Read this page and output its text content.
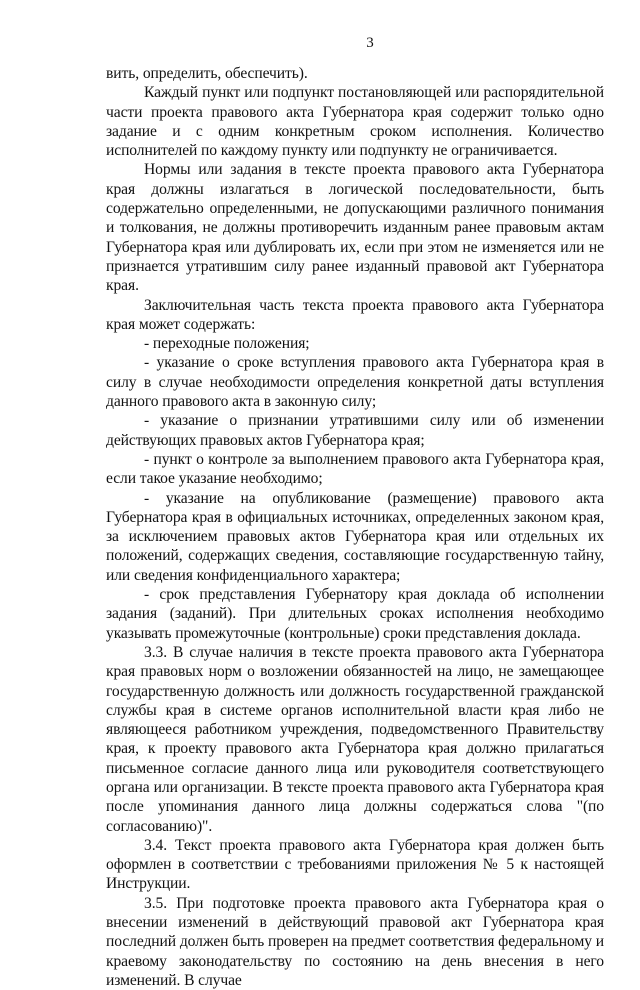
3

вить, определить, обеспечить).

Каждый пункт или подпункт постановляющей или распорядительной части проекта правового акта Губернатора края содержит только одно задание и с одним конкретным сроком исполнения. Количество исполнителей по каждому пункту или подпункту не ограничивается.

Нормы или задания в тексте проекта правового акта Губернатора края должны излагаться в логической последовательности, быть содержательно определенными, не допускающими различного понимания и толкования, не должны противоречить изданным ранее правовым актам Губернатора края или дублировать их, если при этом не изменяется или не признается утратившим силу ранее изданный правовой акт Губернатора края.

Заключительная часть текста проекта правового акта Губернатора края может содержать:

- переходные положения;

- указание о сроке вступления правового акта Губернатора края в силу в случае необходимости определения конкретной даты вступления данного правового акта в законную силу;

- указание о признании утратившими силу или об изменении действующих правовых актов Губернатора края;

- пункт о контроле за выполнением правового акта Губернатора края, если такое указание необходимо;

- указание на опубликование (размещение) правового акта Губернатора края в официальных источниках, определенных законом края, за исключением правовых актов Губернатора края или отдельных их положений, содержащих сведения, составляющие государственную тайну, или сведения конфиденциального характера;

- срок представления Губернатору края доклада об исполнении задания (заданий). При длительных сроках исполнения необходимо указывать промежуточные (контрольные) сроки представления доклада.

3.3. В случае наличия в тексте проекта правового акта Губернатора края правовых норм о возложении обязанностей на лицо, не замещающее государственную должность или должность государственной гражданской службы края в системе органов исполнительной власти края либо не являющееся работником учреждения, подведомственного Правительству края, к проекту правового акта Губернатора края должно прилагаться письменное согласие данного лица или руководителя соответствующего органа или организации. В тексте проекта правового акта Губернатора края после упоминания данного лица должны содержаться слова "(по согласованию)".

3.4. Текст проекта правового акта Губернатора края должен быть оформлен в соответствии с требованиями приложения № 5 к настоящей Инструкции.

3.5. При подготовке проекта правового акта Губернатора края о внесении изменений в действующий правовой акт Губернатора края последний должен быть проверен на предмет соответствия федеральному и краевому законодательству по состоянию на день внесения в него изменений. В случае
